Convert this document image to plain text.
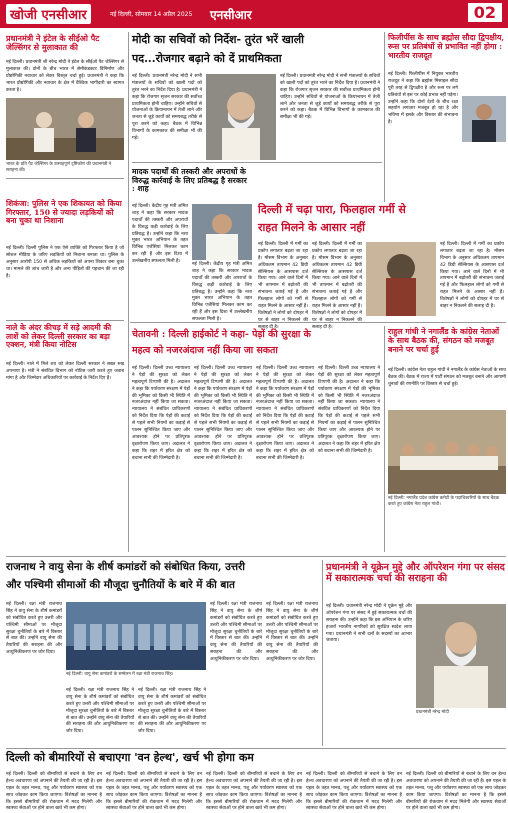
खोजी एनसीआर	नई दिल्ली, सोमवार 14 अप्रैल 2025 एनसीआर	02
प्रधानमंत्री ने इंटेल के सीईओ पैट जेल्सिंगर से मुलाकात की
नई दिल्ली। प्रधानमंत्री श्री नरेन्द्र मोदी ने इंटेल के सीईओ पैट जेल्सिंगर से मुलाकात की। दोनों के बीच भारत में सेमीकंडक्टर विनिर्माण और प्रौद्योगिकी नवाचार को लेकर विस्तृत चर्चा हुई। प्रधानमंत्री ने कहा कि भारत प्रौद्योगिकी और नवाचार के क्षेत्र में वैश्विक भागीदारी का स्वागत करता है।
भारत के प्रति पैट जेल्सिंगर के उत्साहपूर्ण दृष्टिकोण की प्रधानमंत्री ने सराहना की।
शिकंजा: पुलिस ने एक शिकायत को किया गिरफ्तार, 150 से ज्यादा लड़कियों को बना चुका था निशाना
नई दिल्ली। दिल्ली पुलिस ने एक ऐसे व्यक्ति को गिरफ्तार किया है जो सोशल मीडिया के जरिए लड़कियों को निशाना बनाता था। पुलिस के अनुसार आरोपी 150 से अधिक लड़कियों को अपना शिकार बना चुका था। मामले की जांच जारी है और अन्य पीड़ितों की पहचान की जा रही है।
नाले के अंदर कीचड़ में सड़े आदमी की लाशें को लेकर दिल्ली सरकार का बड़ा एक्शन, मंत्री किया नोटिस
नई दिल्ली। नाले में मिले शव को लेकर दिल्ली सरकार ने सख्त रुख अपनाया है। मंत्री ने संबंधित विभाग को नोटिस जारी करते हुए जवाब मांगा है और जिम्मेदार अधिकारियों पर कार्रवाई के निर्देश दिए हैं।
मोदी का सचिवों को निर्देश- तुरंत भरें खाली
पद...रोजगार बढ़ाने को दें प्राथमिकता
नई दिल्ली। प्रधानमंत्री नरेन्द्र मोदी ने सभी मंत्रालयों के सचिवों को खाली पदों को तुरंत भरने का निर्देश दिया है। प्रधानमंत्री ने कहा कि रोजगार सृजन सरकार की सर्वोच्च प्राथमिकता होनी चाहिए। उन्होंने सचिवों से योजनाओं के क्रियान्वयन में तेजी लाने और जनता से जुड़े कार्यों को समयबद्ध तरीके से पूरा करने को कहा। बैठक में विभिन्न विभागों के कामकाज की समीक्षा भी की गई।
नई दिल्ली। प्रधानमंत्री नरेन्द्र मोदी ने सभी मंत्रालयों के सचिवों को खाली पदों को तुरंत भरने का निर्देश दिया है। प्रधानमंत्री ने कहा कि रोजगार सृजन सरकार की सर्वोच्च प्राथमिकता होनी चाहिए। उन्होंने सचिवों से योजनाओं के क्रियान्वयन में तेजी लाने और जनता से जुड़े कार्यों को समयबद्ध तरीके से पूरा करने को कहा। बैठक में विभिन्न विभागों के कामकाज की समीक्षा भी की गई।
मादक पदार्थों की तस्करी और अपराधों के विरुद्ध कार्रवाई के लिए प्रतिबद्ध है सरकार : शाह
नई दिल्ली। केंद्रीय गृह मंत्री अमित शाह ने कहा कि सरकार मादक पदार्थों की तस्करी और अपराधों के विरुद्ध कड़ी कार्रवाई के लिए प्रतिबद्ध है। उन्होंने कहा कि नशा मुक्त भारत अभियान के तहत विभिन्न एजेंसियां मिलकर काम कर रही हैं और इस दिशा में उल्लेखनीय सफलता मिली है।
नई दिल्ली। केंद्रीय गृह मंत्री अमित शाह ने कहा कि सरकार मादक पदार्थों की तस्करी और अपराधों के विरुद्ध कड़ी कार्रवाई के लिए प्रतिबद्ध है। उन्होंने कहा कि नशा मुक्त भारत अभियान के तहत विभिन्न एजेंसियां मिलकर काम कर रही हैं और इस दिशा में उल्लेखनीय सफलता मिली है।
दिल्ली में चढ़ा पारा, फिलहाल गर्मी से
राहत मिलने के आसार नहीं
नई दिल्ली। दिल्ली में गर्मी का प्रकोप लगातार बढ़ता जा रहा है। मौसम विभाग के अनुसार अधिकतम तापमान 42 डिग्री सेल्सियस के आसपास दर्ज किया गया। आने वाले दिनों में भी तापमान में बढ़ोतरी की संभावना जताई गई है और फिलहाल लोगों को गर्मी से राहत मिलने के आसार नहीं हैं। विशेषज्ञों ने लोगों को दोपहर में घर से बाहर न निकलने की सलाह दी है।
नई दिल्ली। दिल्ली में गर्मी का प्रकोप लगातार बढ़ता जा रहा है। मौसम विभाग के अनुसार अधिकतम तापमान 42 डिग्री सेल्सियस के आसपास दर्ज किया गया। आने वाले दिनों में भी तापमान में बढ़ोतरी की संभावना जताई गई है और फिलहाल लोगों को गर्मी से राहत मिलने के आसार नहीं हैं। विशेषज्ञों ने लोगों को दोपहर में घर से बाहर न निकलने की सलाह दी है।
नई दिल्ली। दिल्ली में गर्मी का प्रकोप लगातार बढ़ता जा रहा है। मौसम विभाग के अनुसार अधिकतम तापमान 42 डिग्री सेल्सियस के आसपास दर्ज किया गया। आने वाले दिनों में भी तापमान में बढ़ोतरी की संभावना जताई गई है और फिलहाल लोगों को गर्मी से राहत मिलने के आसार नहीं हैं। विशेषज्ञों ने लोगों को दोपहर में घर से बाहर न निकलने की सलाह दी है।
फिलीपींस के साथ ब्रह्मोस सौदा द्विपक्षीय, रूस पर प्रतिबंधों से प्रभावित नहीं होगा : भारतीय राजदूत
नई दिल्ली। फिलीपींस में नियुक्त भारतीय राजदूत ने कहा कि ब्रह्मोस मिसाइल सौदा पूरी तरह से द्विपक्षीय है और रूस पर लगे प्रतिबंधों से इस पर कोई प्रभाव नहीं पड़ेगा। उन्होंने कहा कि दोनों देशों के बीच रक्षा सहयोग लगातार मजबूत हो रहा है और भविष्य में इसके और विस्तार की संभावना है।
चेतावनी : दिल्ली हाईकोर्ट ने कहा- पेड़ों की सुरक्षा के
महत्व को नजरअंदाज नहीं किया जा सकता
नई दिल्ली। दिल्ली उच्च न्यायालय ने पेड़ों की सुरक्षा को लेकर महत्वपूर्ण टिप्पणी की है। अदालत ने कहा कि पर्यावरण संरक्षण में पेड़ों की भूमिका को किसी भी स्थिति में नजरअंदाज नहीं किया जा सकता। न्यायालय ने संबंधित प्राधिकरणों को निर्देश दिया कि पेड़ों की कटाई से पहले सभी नियमों का कड़ाई से पालन सुनिश्चित किया जाए और आवश्यक होने पर प्रतिपूरक वृक्षारोपण किया जाए। अदालत ने कहा कि शहर में हरित क्षेत्र को बचाना सभी की जिम्मेदारी है।
नई दिल्ली। दिल्ली उच्च न्यायालय ने पेड़ों की सुरक्षा को लेकर महत्वपूर्ण टिप्पणी की है। अदालत ने कहा कि पर्यावरण संरक्षण में पेड़ों की भूमिका को किसी भी स्थिति में नजरअंदाज नहीं किया जा सकता। न्यायालय ने संबंधित प्राधिकरणों को निर्देश दिया कि पेड़ों की कटाई से पहले सभी नियमों का कड़ाई से पालन सुनिश्चित किया जाए और आवश्यक होने पर प्रतिपूरक वृक्षारोपण किया जाए। अदालत ने कहा कि शहर में हरित क्षेत्र को बचाना सभी की जिम्मेदारी है।
नई दिल्ली। दिल्ली उच्च न्यायालय ने पेड़ों की सुरक्षा को लेकर महत्वपूर्ण टिप्पणी की है। अदालत ने कहा कि पर्यावरण संरक्षण में पेड़ों की भूमिका को किसी भी स्थिति में नजरअंदाज नहीं किया जा सकता। न्यायालय ने संबंधित प्राधिकरणों को निर्देश दिया कि पेड़ों की कटाई से पहले सभी नियमों का कड़ाई से पालन सुनिश्चित किया जाए और आवश्यक होने पर प्रतिपूरक वृक्षारोपण किया जाए। अदालत ने कहा कि शहर में हरित क्षेत्र को बचाना सभी की जिम्मेदारी है।
नई दिल्ली। दिल्ली उच्च न्यायालय ने पेड़ों की सुरक्षा को लेकर महत्वपूर्ण टिप्पणी की है। अदालत ने कहा कि पर्यावरण संरक्षण में पेड़ों की भूमिका को किसी भी स्थिति में नजरअंदाज नहीं किया जा सकता। न्यायालय ने संबंधित प्राधिकरणों को निर्देश दिया कि पेड़ों की कटाई से पहले सभी नियमों का कड़ाई से पालन सुनिश्चित किया जाए और आवश्यक होने पर प्रतिपूरक वृक्षारोपण किया जाए। अदालत ने कहा कि शहर में हरित क्षेत्र को बचाना सभी की जिम्मेदारी है।
राहुल गांधी ने नगालैंड के कांग्रेस नेताओं के साथ बैठक की, संगठन को मजबूत बनाने पर चर्चा हुई
नई दिल्ली। कांग्रेस नेता राहुल गांधी ने नगालैंड के कांग्रेस नेताओं के साथ बैठक की। बैठक में राज्य में पार्टी संगठन को मजबूत बनाने और आगामी चुनावों की रणनीति पर विस्तार से चर्चा हुई।
नई दिल्ली: नगालैंड प्रदेश कांग्रेस कमेटी के पदाधिकारियों के साथ बैठक करते हुए कांग्रेस नेता राहुल गांधी।
राजनाथ ने वायु सेना के शीर्ष कमांडरों को संबोधित किया, उत्तरी
और पश्चिमी सीमाओं की मौजूदा चुनौतियों के बारे में की बात
नई दिल्ली। रक्षा मंत्री राजनाथ सिंह ने वायु सेना के शीर्ष कमांडरों को संबोधित करते हुए उत्तरी और पश्चिमी सीमाओं पर मौजूदा सुरक्षा चुनौतियों के बारे में विस्तार से बात की। उन्होंने वायु सेना की तैयारियों की सराहना की और आधुनिकीकरण पर जोर दिया।
नई दिल्ली: वायु सेना कमांडरों के सम्मेलन में रक्षा मंत्री राजनाथ सिंह।
नई दिल्ली। रक्षा मंत्री राजनाथ सिंह ने वायु सेना के शीर्ष कमांडरों को संबोधित करते हुए उत्तरी और पश्चिमी सीमाओं पर मौजूदा सुरक्षा चुनौतियों के बारे में विस्तार से बात की। उन्होंने वायु सेना की तैयारियों की सराहना की और आधुनिकीकरण पर जोर दिया।
नई दिल्ली। रक्षा मंत्री राजनाथ सिंह ने वायु सेना के शीर्ष कमांडरों को संबोधित करते हुए उत्तरी और पश्चिमी सीमाओं पर मौजूदा सुरक्षा चुनौतियों के बारे में विस्तार से बात की। उन्होंने वायु सेना की तैयारियों की सराहना की और आधुनिकीकरण पर जोर दिया।
नई दिल्ली। रक्षा मंत्री राजनाथ सिंह ने वायु सेना के शीर्ष कमांडरों को संबोधित करते हुए उत्तरी और पश्चिमी सीमाओं पर मौजूदा सुरक्षा चुनौतियों के बारे में विस्तार से बात की। उन्होंने वायु सेना की तैयारियों की सराहना की और आधुनिकीकरण पर जोर दिया।
नई दिल्ली। रक्षा मंत्री राजनाथ सिंह ने वायु सेना के शीर्ष कमांडरों को संबोधित करते हुए उत्तरी और पश्चिमी सीमाओं पर मौजूदा सुरक्षा चुनौतियों के बारे में विस्तार से बात की। उन्होंने वायु सेना की तैयारियों की सराहना की और आधुनिकीकरण पर जोर दिया।
प्रधानमंत्री ने यूक्रेन मुद्दे और ऑपरेशन गंगा पर संसद में सकारात्मक चर्चा की सराहना की
नई दिल्ली। प्रधानमंत्री नरेन्द्र मोदी ने यूक्रेन मुद्दे और ऑपरेशन गंगा पर संसद में हुई सकारात्मक चर्चा की सराहना की। उन्होंने कहा कि इस अभियान के जरिए हजारों भारतीय नागरिकों को सुरक्षित स्वदेश लाया गया। प्रधानमंत्री ने सभी दलों के सदस्यों का आभार जताया।
प्रधानमंत्री नरेन्द्र मोदी
दिल्ली को बीमारियों से बचाएगा 'वन हेल्थ', खर्च भी होगा कम
नई दिल्ली। दिल्ली को बीमारियों से बचाने के लिए वन हेल्थ अवधारणा को अपनाने की तैयारी की जा रही है। इस पहल के तहत मानव, पशु और पर्यावरण स्वास्थ्य को एक साथ जोड़कर काम किया जाएगा। विशेषज्ञों का मानना है कि इससे बीमारियों की रोकथाम में मदद मिलेगी और स्वास्थ्य सेवाओं पर होने वाला खर्च भी कम होगा।
नई दिल्ली। दिल्ली को बीमारियों से बचाने के लिए वन हेल्थ अवधारणा को अपनाने की तैयारी की जा रही है। इस पहल के तहत मानव, पशु और पर्यावरण स्वास्थ्य को एक साथ जोड़कर काम किया जाएगा। विशेषज्ञों का मानना है कि इससे बीमारियों की रोकथाम में मदद मिलेगी और स्वास्थ्य सेवाओं पर होने वाला खर्च भी कम होगा।
नई दिल्ली। दिल्ली को बीमारियों से बचाने के लिए वन हेल्थ अवधारणा को अपनाने की तैयारी की जा रही है। इस पहल के तहत मानव, पशु और पर्यावरण स्वास्थ्य को एक साथ जोड़कर काम किया जाएगा। विशेषज्ञों का मानना है कि इससे बीमारियों की रोकथाम में मदद मिलेगी और स्वास्थ्य सेवाओं पर होने वाला खर्च भी कम होगा।
नई दिल्ली। दिल्ली को बीमारियों से बचाने के लिए वन हेल्थ अवधारणा को अपनाने की तैयारी की जा रही है। इस पहल के तहत मानव, पशु और पर्यावरण स्वास्थ्य को एक साथ जोड़कर काम किया जाएगा। विशेषज्ञों का मानना है कि इससे बीमारियों की रोकथाम में मदद मिलेगी और स्वास्थ्य सेवाओं पर होने वाला खर्च भी कम होगा।
नई दिल्ली। दिल्ली को बीमारियों से बचाने के लिए वन हेल्थ अवधारणा को अपनाने की तैयारी की जा रही है। इस पहल के तहत मानव, पशु और पर्यावरण स्वास्थ्य को एक साथ जोड़कर काम किया जाएगा। विशेषज्ञों का मानना है कि इससे बीमारियों की रोकथाम में मदद मिलेगी और स्वास्थ्य सेवाओं पर होने वाला खर्च भी कम होगा।
